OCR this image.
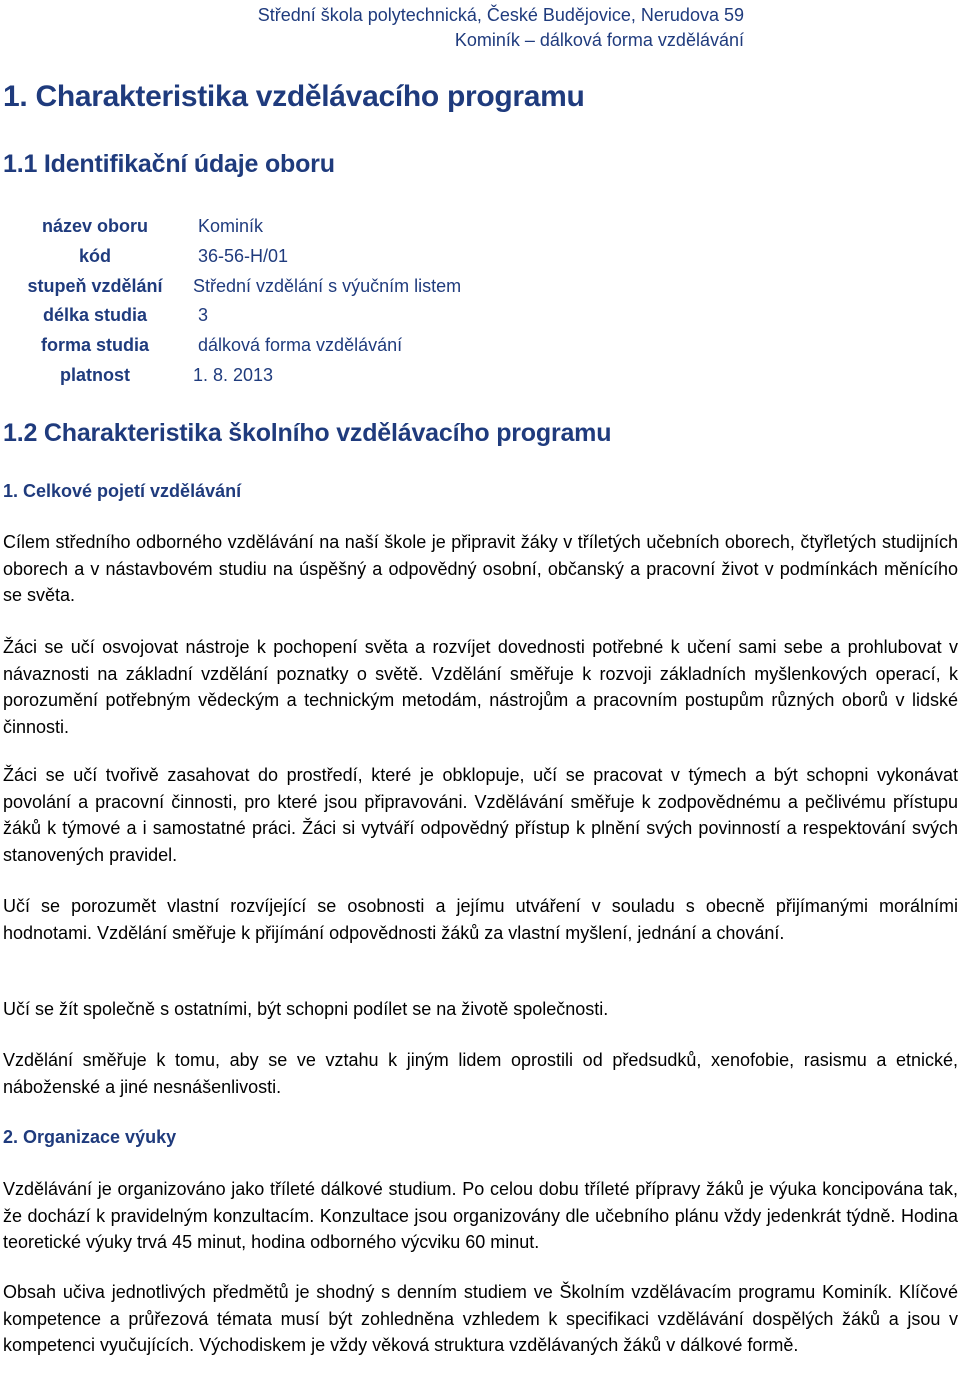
Střední škola polytechnická, České Budějovice, Nerudova 59
Kominík – dálková forma vzdělávání
1. Charakteristika vzdělávacího programu
1.1 Identifikační údaje oboru
název oboru	Kominík
kód	36-56-H/01
stupeň vzdělání	Střední vzdělání s výučním listem
délka studia	3
forma studia	dálková forma vzdělávání
platnost	1. 8. 2013
1.2 Charakteristika školního vzdělávacího programu
1. Celkové pojetí vzdělávání

Cílem středního odborného vzdělávání na naší škole je připravit žáky v tříletých učebních oborech, čtyřletých studijních oborech a v nástavbovém studiu na úspěšný a odpovědný osobní, občanský a pracovní život v podmínkách měnícího se světa.

Žáci se učí osvojovat nástroje k pochopení světa a rozvíjet dovednosti potřebné k učení sami sebe a prohlubovat v návaznosti na základní vzdělání poznatky o světě. Vzdělání směřuje k rozvoji základních myšlenkových operací, k porozumění potřebným vědeckým a technickým metodám, nástrojům a pracovním postupům různých oborů v lidské činnosti.

Žáci se učí tvořivě zasahovat do prostředí, které je obklopuje, učí se pracovat v týmech a být schopni vykonávat povolání a pracovní činnosti, pro které jsou připravováni. Vzdělávání směřuje k zodpovědnému a pečlivému přístupu žáků k týmové a i samostatné práci. Žáci si vytváří odpovědný přístup k plnění svých povinností a respektování svých stanovených pravidel.

Učí se porozumět vlastní rozvíjející se osobnosti a jejímu utváření v souladu s obecně přijímanými morálními hodnotami. Vzdělání směřuje k přijímání odpovědnosti žáků za vlastní myšlení, jednání a chování.

Učí se žít společně s ostatními, být schopni podílet se na životě společnosti.

Vzdělání směřuje k tomu, aby se ve vztahu k jiným lidem oprostili od předsudků, xenofobie, rasismu a etnické, náboženské a jiné nesnášenlivosti.

2. Organizace výuky

Vzdělávání je organizováno jako tříleté dálkové studium. Po celou dobu tříleté přípravy žáků je výuka koncipována tak, že dochází k pravidelným konzultacím. Konzultace jsou organizovány dle učebního plánu vždy jedenkrát týdně. Hodina teoretické výuky trvá 45 minut, hodina odborného výcviku 60 minut.

Obsah učiva jednotlivých předmětů je shodný s denním studiem ve Školním vzdělávacím programu Kominík. Klíčové kompetence a průřezová témata musí být zohledněna vzhledem k specifikaci vzdělávání dospělých žáků a jsou v kompetenci vyučujících. Východiskem je vždy věková struktura vzdělávaných žáků v dálkové formě.
